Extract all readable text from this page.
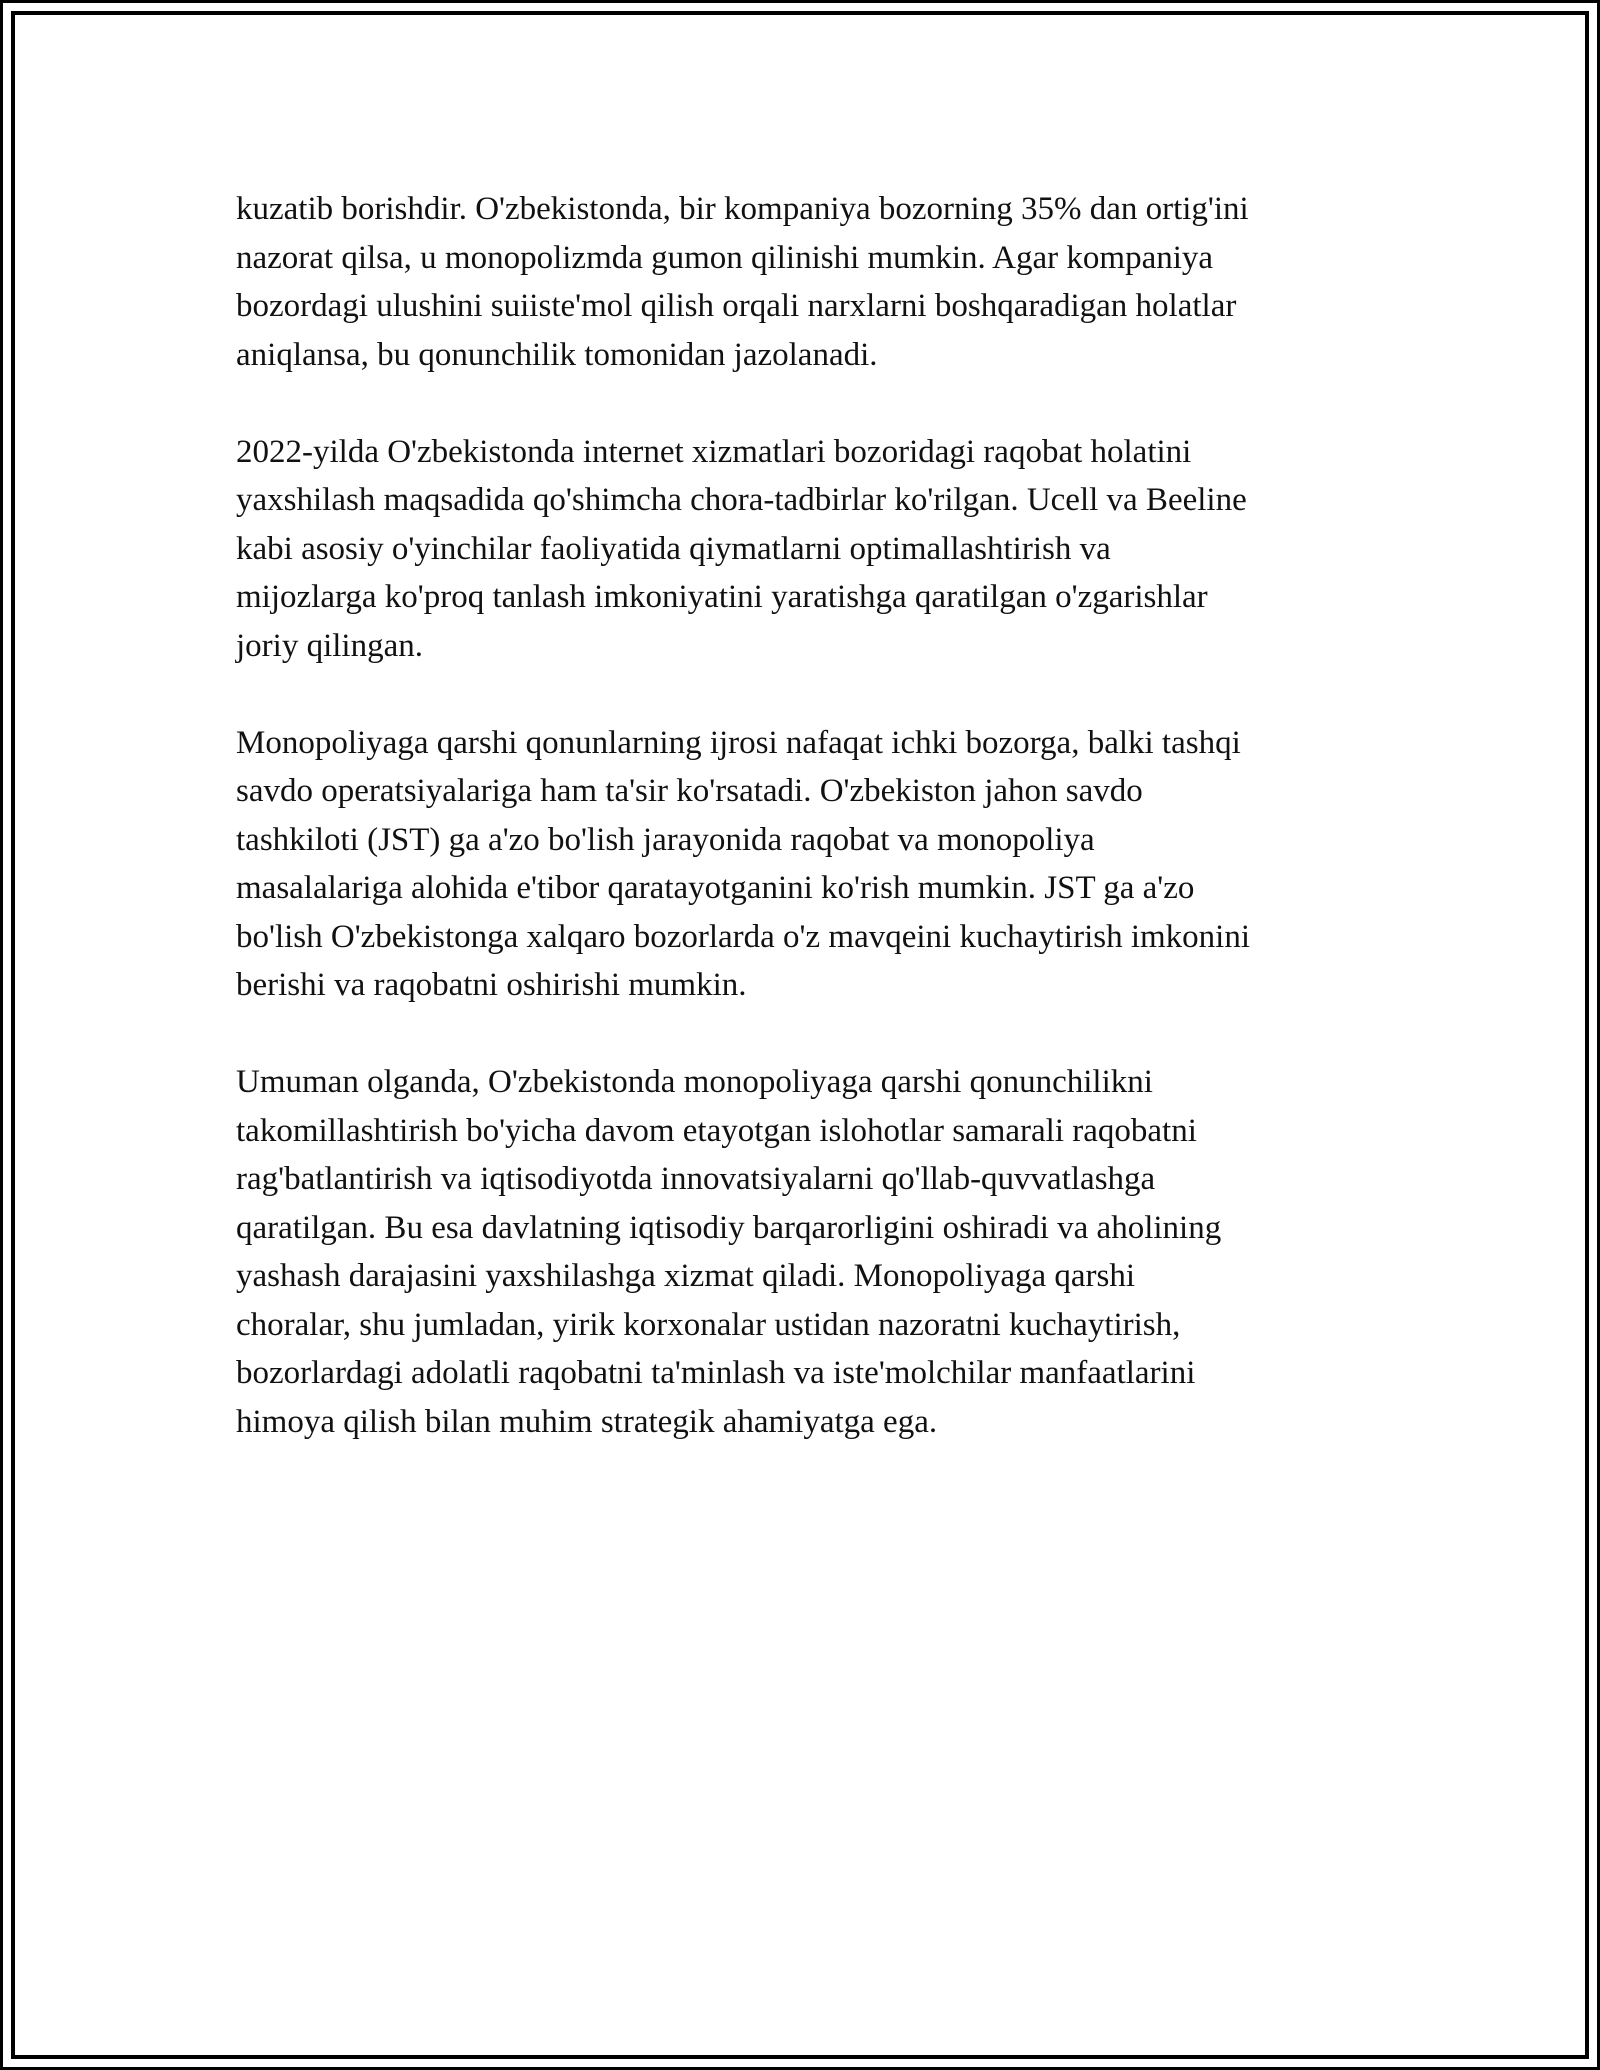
kuzatib borishdir. O'zbekistonda, bir kompaniya bozorning 35% dan ortig'ini
nazorat qilsa, u monopolizmda gumon qilinishi mumkin. Agar kompaniya
bozordagi ulushini suiiste'mol qilish orqali narxlarni boshqaradigan holatlar
aniqlansa, bu qonunchilik tomonidan jazolanadi.

2022-yilda O'zbekistonda internet xizmatlari bozoridagi raqobat holatini
yaxshilash maqsadida qo'shimcha chora-tadbirlar ko'rilgan. Ucell va Beeline
kabi asosiy o'yinchilar faoliyatida qiymatlarni optimallashtirish va
mijozlarga ko'proq tanlash imkoniyatini yaratishga qaratilgan o'zgarishlar
joriy qilingan.

Monopoliyaga qarshi qonunlarning ijrosi nafaqat ichki bozorga, balki tashqi
savdo operatsiyalariga ham ta'sir ko'rsatadi. O'zbekiston jahon savdo
tashkiloti (JST) ga a'zo bo'lish jarayonida raqobat va monopoliya
masalalariga alohida e'tibor qaratayotganini ko'rish mumkin. JST ga a'zo
bo'lish O'zbekistonga xalqaro bozorlarda o'z mavqeini kuchaytirish imkonini
berishi va raqobatni oshirishi mumkin.

Umuman olganda, O'zbekistonda monopoliyaga qarshi qonunchilikni
takomillashtirish bo'yicha davom etayotgan islohotlar samarali raqobatni
rag'batlantirish va iqtisodiyotda innovatsiyalarni qo'llab-quvvatlashga
qaratilgan. Bu esa davlatning iqtisodiy barqarorligini oshiradi va aholining
yashash darajasini yaxshilashga xizmat qiladi. Monopoliyaga qarshi
choralar, shu jumladan, yirik korxonalar ustidan nazoratni kuchaytirish,
bozorlardagi adolatli raqobatni ta'minlash va iste'molchilar manfaatlarini
himoya qilish bilan muhim strategik ahamiyatga ega.
